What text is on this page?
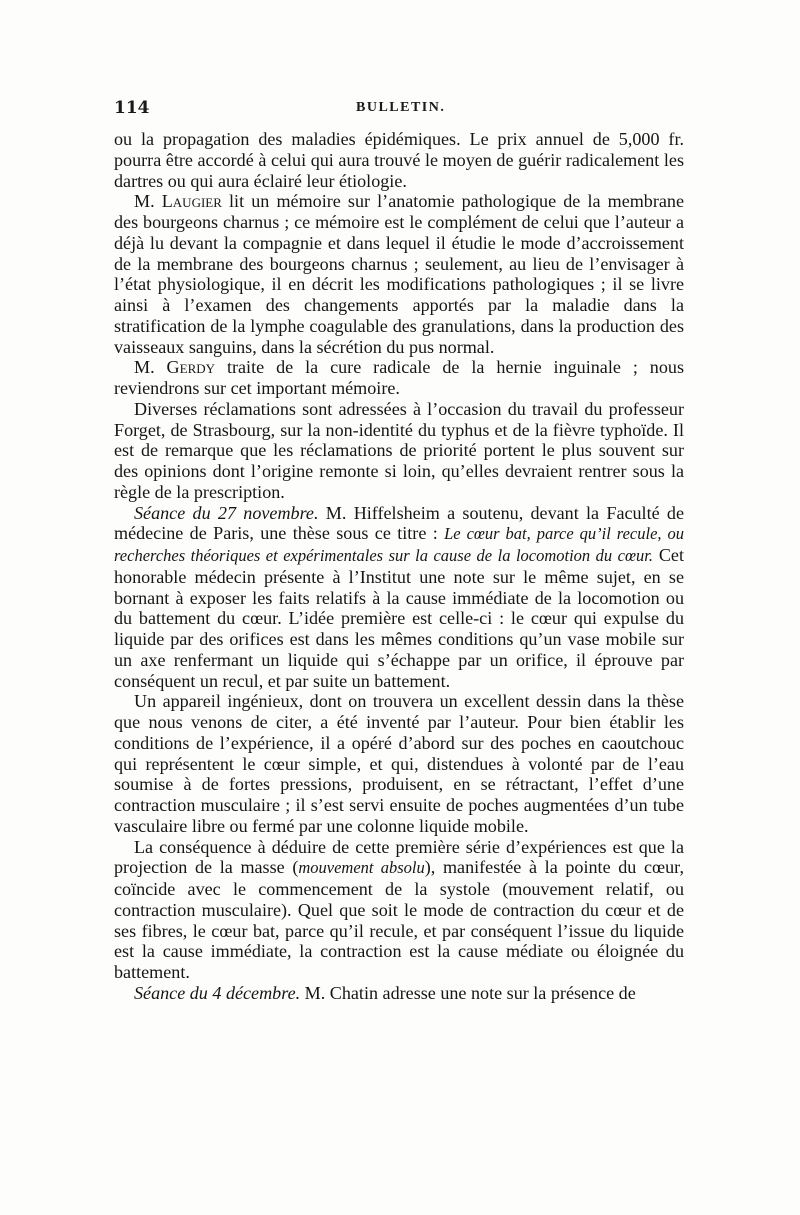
114	BULLETIN.

ou la propagation des maladies épidémiques. Le prix annuel de 5,000 fr. pourra être accordé à celui qui aura trouvé le moyen de guérir radicalement les dartres ou qui aura éclairé leur étiologie.

M. Laugier lit un mémoire sur l’anatomie pathologique de la membrane des bourgeons charnus ; ce mémoire est le complément de celui que l’auteur a déjà lu devant la compagnie et dans lequel il étudie le mode d’accroissement de la membrane des bourgeons charnus ; seulement, au lieu de l’envisager à l’état physiologique, il en décrit les modifications pathologiques ; il se livre ainsi à l’examen des changements apportés par la maladie dans la stratification de la lymphe coagulable des granulations, dans la production des vaisseaux sanguins, dans la sécrétion du pus normal.

M. Gerdy traite de la cure radicale de la hernie inguinale ; nous reviendrons sur cet important mémoire.

Diverses réclamations sont adressées à l’occasion du travail du professeur Forget, de Strasbourg, sur la non-identité du typhus et de la fièvre typhoïde. Il est de remarque que les réclamations de priorité portent le plus souvent sur des opinions dont l’origine remonte si loin, qu’elles devraient rentrer sous la règle de la prescription.

Séance du 27 novembre. M. Hiffelsheim a soutenu, devant la Faculté de médecine de Paris, une thèse sous ce titre : Le cœur bat, parce qu’il recule, ou recherches théoriques et expérimentales sur la cause de la locomotion du cœur. Cet honorable médecin présente à l’Institut une note sur le même sujet, en se bornant à exposer les faits relatifs à la cause immédiate de la locomotion ou du battement du cœur. L’idée première est celle-ci : le cœur qui expulse du liquide par des orifices est dans les mêmes conditions qu’un vase mobile sur un axe renfermant un liquide qui s’échappe par un orifice, il éprouve par conséquent un recul, et par suite un battement.

Un appareil ingénieux, dont on trouvera un excellent dessin dans la thèse que nous venons de citer, a été inventé par l’auteur. Pour bien établir les conditions de l’expérience, il a opéré d’abord sur des poches en caoutchouc qui représentent le cœur simple, et qui, distendues à volonté par de l’eau soumise à de fortes pressions, produisent, en se rétractant, l’effet d’une contraction musculaire ; il s’est servi ensuite de poches augmentées d’un tube vasculaire libre ou fermé par une colonne liquide mobile.

La conséquence à déduire de cette première série d’expériences est que la projection de la masse (mouvement absolu), manifestée à la pointe du cœur, coïncide avec le commencement de la systole (mouvement relatif, ou contraction musculaire). Quel que soit le mode de contraction du cœur et de ses fibres, le cœur bat, parce qu’il recule, et par conséquent l’issue du liquide est la cause immédiate, la contraction est la cause médiate ou éloignée du battement.

Séance du 4 décembre. M. Chatin adresse une note sur la présence de
